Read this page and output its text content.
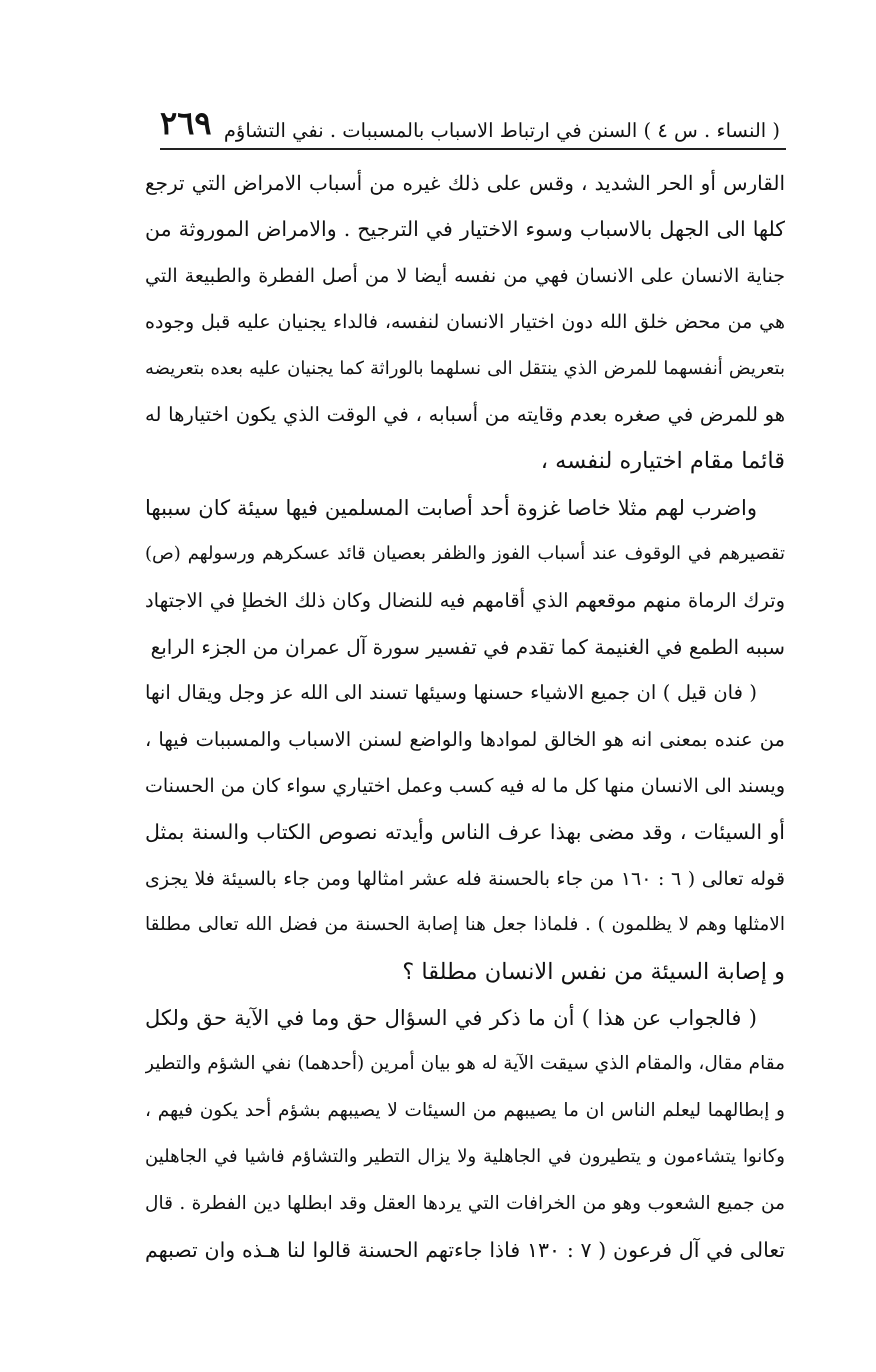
( النساء . س ٤ ) السنن في ارتباط الاسباب بالمسببات . نفي التشاؤم
٢٦٩
القارس أو الحر الشديد ، وقس على ذلك غيره من أسباب الامراض التي ترجع
كلها الى الجهل بالاسباب وسوء الاختيار في الترجيح . والامراض الموروثة من
جناية الانسان على الانسان فهي من نفسه أيضا لا من أصل الفطرة والطبيعة التي
هي من محض خلق الله دون اختيار الانسان لنفسه، فالداء يجنيان عليه قبل وجوده
بتعريض أنفسهما للمرض الذي ينتقل الى نسلهما بالوراثة كما يجنيان عليه بعده بتعريضه
هو للمرض في صغره بعدم وقايته من أسبابه ، في الوقت الذي يكون اختيارها له
قائما مقام اختياره لنفسه ،
واضرب لهم مثلا خاصا غزوة أحد أصابت المسلمين فيها سيئة كان سببها
تقصيرهم في الوقوف عند أسباب الفوز والظفر بعصيان قائد عسكرهم ورسولهم (ص)
وترك الرماة منهم موقعهم الذي أقامهم فيه للنضال وكان ذلك الخطإ في الاجتهاد
سببه الطمع في الغنيمة كما تقدم في تفسير سورة آل عمران من الجزء الرابع
( فان قيل ) ان جميع الاشياء حسنها وسيئها تسند الى الله عز وجل ويقال انها
من عنده بمعنى انه هو الخالق لموادها والواضع لسنن الاسباب والمسببات فيها ،
ويسند الى الانسان منها كل ما له فيه كسب وعمل اختياري سواء كان من الحسنات
أو السيئات ، وقد مضى بهذا عرف الناس وأيدته نصوص الكتاب والسنة بمثل
قوله تعالى ( ٦ : ١٦٠ من جاء بالحسنة فله عشر امثالها ومن جاء بالسيئة فلا يجزى
الامثلها وهم لا يظلمون ) . فلماذا جعل هنا إصابة الحسنة من فضل الله تعالى مطلقا
و إصابة السيئة من نفس الانسان مطلقا ؟
( فالجواب عن هذا ) أن ما ذكر في السؤال حق وما في الآية حق ولكل
مقام مقال، والمقام الذي سيقت الآية له هو بيان أمرين (أحدهما) نفي الشؤم والتطير
و إبطالهما ليعلم الناس ان ما يصيبهم من السيئات لا يصيبهم بشؤم أحد يكون فيهم ،
وكانوا يتشاءمون و يتطيرون في الجاهلية ولا يزال التطير والتشاؤم فاشيا في الجاهلين
من جميع الشعوب وهو من الخرافات التي يردها العقل وقد ابطلها دين الفطرة . قال
تعالى في آل فرعون ( ٧ : ١٣٠ فاذا جاءتهم الحسنة قالوا لنا هـذه وان تصبهم
